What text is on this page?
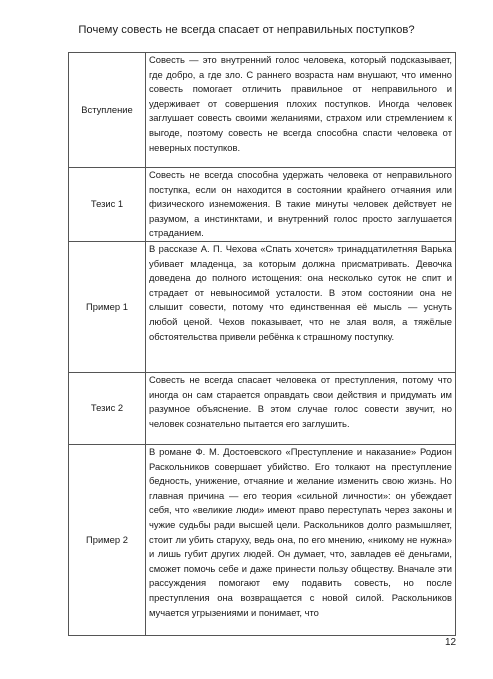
Почему совесть не всегда спасает от неправильных поступков?
Вступление	Совесть — это внутренний голос человека, который подсказывает, где добро, а где зло. С раннего возраста нам внушают, что именно совесть помогает отличить правильное от неправильного и удерживает от совершения плохих поступков. Иногда человек заглушает совесть своими желаниями, страхом или стремлением к выгоде, поэтому совесть не всегда способна спасти человека от неверных поступков.
Тезис 1	Совесть не всегда способна удержать человека от неправильного поступка, если он находится в состоянии крайнего отчаяния или физического изнеможения. В такие минуты человек действует не разумом, а инстинктами, и внутренний голос просто заглушается страданием.
Пример 1	В рассказе А. П. Чехова «Спать хочется» тринадцатилетняя Варька убивает младенца, за которым должна присматривать. Девочка доведена до полного истощения: она несколько суток не спит и страдает от невыносимой усталости. В этом состоянии она не слышит совести, потому что единственная её мысль — уснуть любой ценой. Чехов показывает, что не злая воля, а тяжёлые обстоятельства привели ребёнка к страшному поступку.
Тезис 2	Совесть не всегда спасает человека от преступления, потому что иногда он сам старается оправдать свои действия и придумать им разумное объяснение. В этом случае голос совести звучит, но человек сознательно пытается его заглушить.
Пример 2	В романе Ф. М. Достоевского «Преступление и наказание» Родион Раскольников совершает убийство. Его толкают на преступление бедность, унижение, отчаяние и желание изменить свою жизнь. Но главная причина — его теория «сильной личности»: он убеждает себя, что «великие люди» имеют право переступать через законы и чужие судьбы ради высшей цели. Раскольников долго размышляет, стоит ли убить старуху, ведь она, по его мнению, «никому не нужна» и лишь губит других людей. Он думает, что, завладев её деньгами, сможет помочь себе и даже принести пользу обществу. Вначале эти рассуждения помогают ему подавить совесть, но после преступления она возвращается с новой силой. Раскольников мучается угрызениями и понимает, что
12
